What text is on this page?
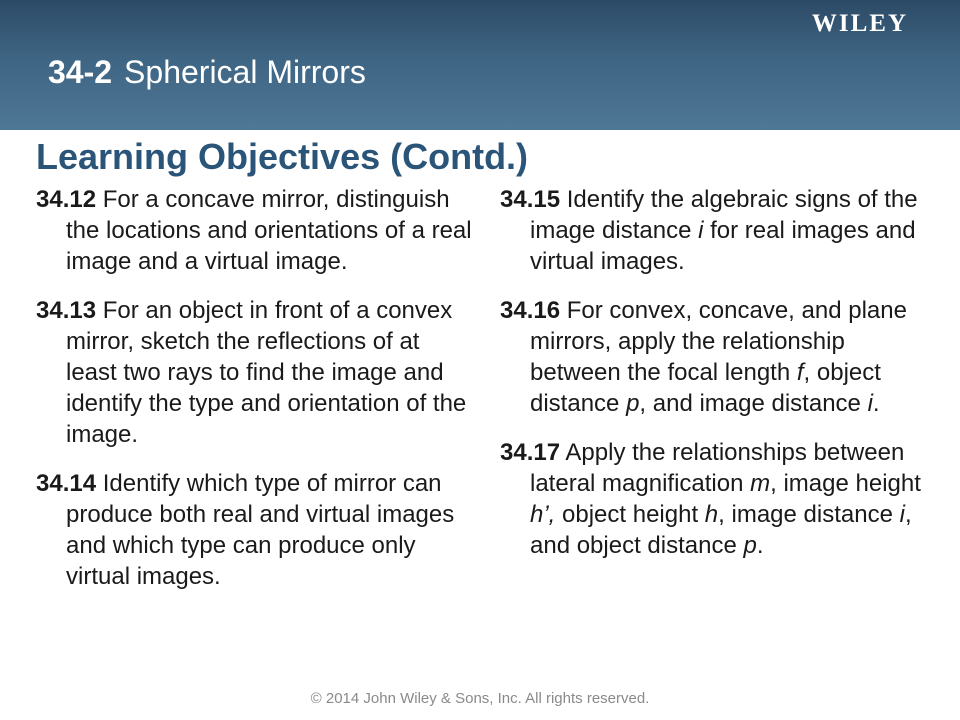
WILEY
34-2 Spherical Mirrors
Learning Objectives (Contd.)

34.12 For a concave mirror, distinguish the locations and orientations of a real image and a virtual image.

34.13 For an object in front of a convex mirror, sketch the reflections of at least two rays to find the image and identify the type and orientation of the image.

34.14 Identify which type of mirror can produce both real and virtual images and which type can produce only virtual images.

34.15 Identify the algebraic signs of the image distance i for real images and virtual images.

34.16 For convex, concave, and plane mirrors, apply the relationship between the focal length f, object distance p, and image distance i.

34.17 Apply the relationships between lateral magnification m, image height h’, object height h, image distance i, and object distance p.

© 2014 John Wiley & Sons, Inc. All rights reserved.
